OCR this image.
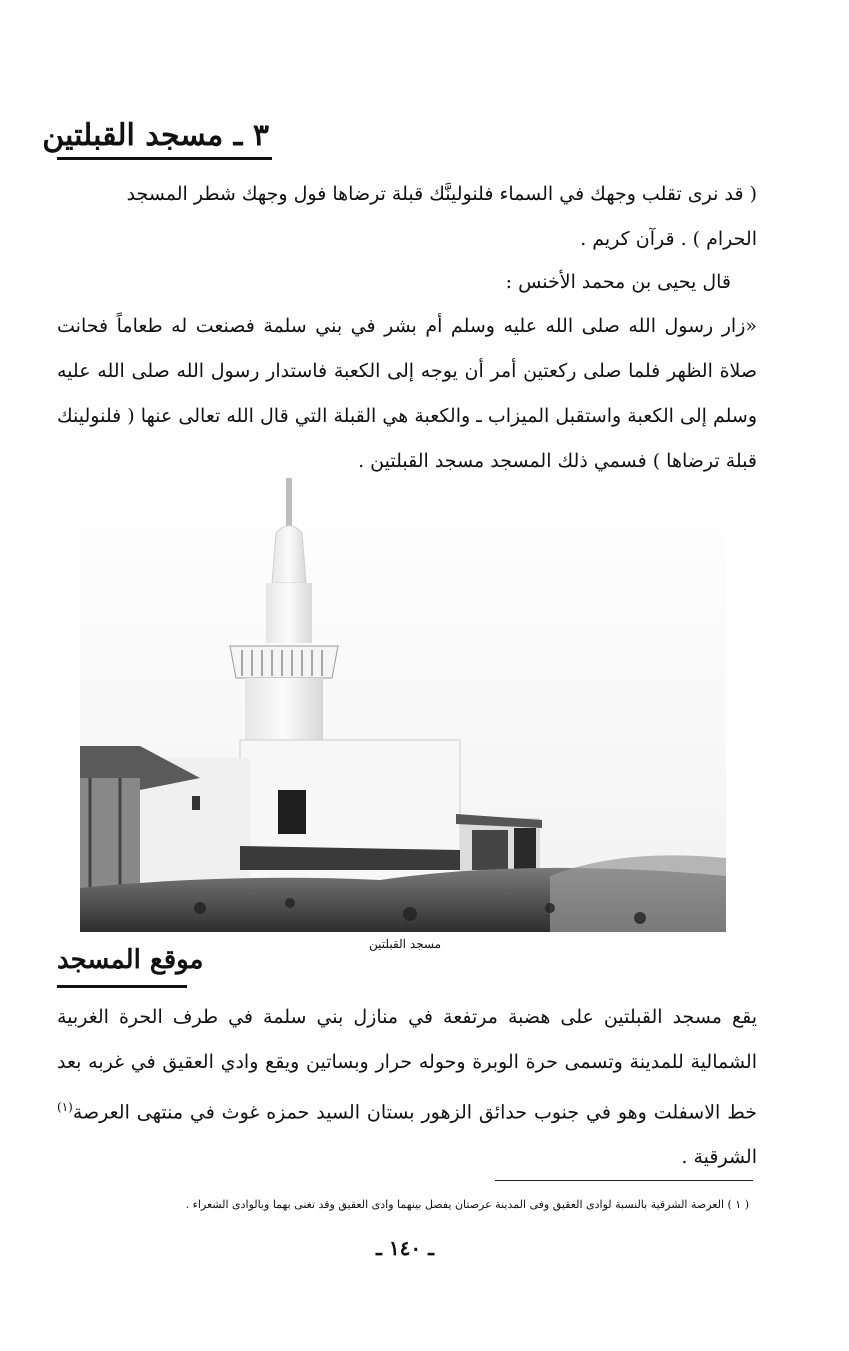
٣ ـ مسجد القبلتين
( قد نرى تقلب وجهك في السماء فلنولينَّك قبلة ترضاها فول وجهك شطر المسجد
الحرام ) . قرآن كريم .
قال يحيى بن محمد الأخنس :
«زار رسول الله صلى الله عليه وسلم أم بشر في بني سلمة فصنعت له طعاماً فحانت صلاة الظهر فلما صلى ركعتين أمر أن يوجه إلى الكعبة فاستدار رسول الله صلى الله عليه وسلم إلى الكعبة واستقبل الميزاب ـ والكعبة هي القبلة التي قال الله تعالى عنها ( فلنولينك قبلة ترضاها ) فسمي ذلك المسجد مسجد القبلتين .
مسجد القبلتين
موقع المسجد
يقع مسجد القبلتين على هضبة مرتفعة في منازل بني سلمة في طرف الحرة الغربية الشمالية للمدينة وتسمى حرة الوبرة وحوله حرار وبساتين ويقع وادي العقيق في غربه بعد خط الاسفلت وهو في جنوب حدائق الزهور بستان السيد حمزه غوث في منتهى العرصة$^{(١)}$ الشرقية .
( ١ ) العرصة الشرقية بالنسبة لوادى العقيق وفى المدينة عرصتان يفصل بينهما وادى العقيق وقد تغنى بهما وبالوادى الشعراء .
ـ ١٤٠ ـ
